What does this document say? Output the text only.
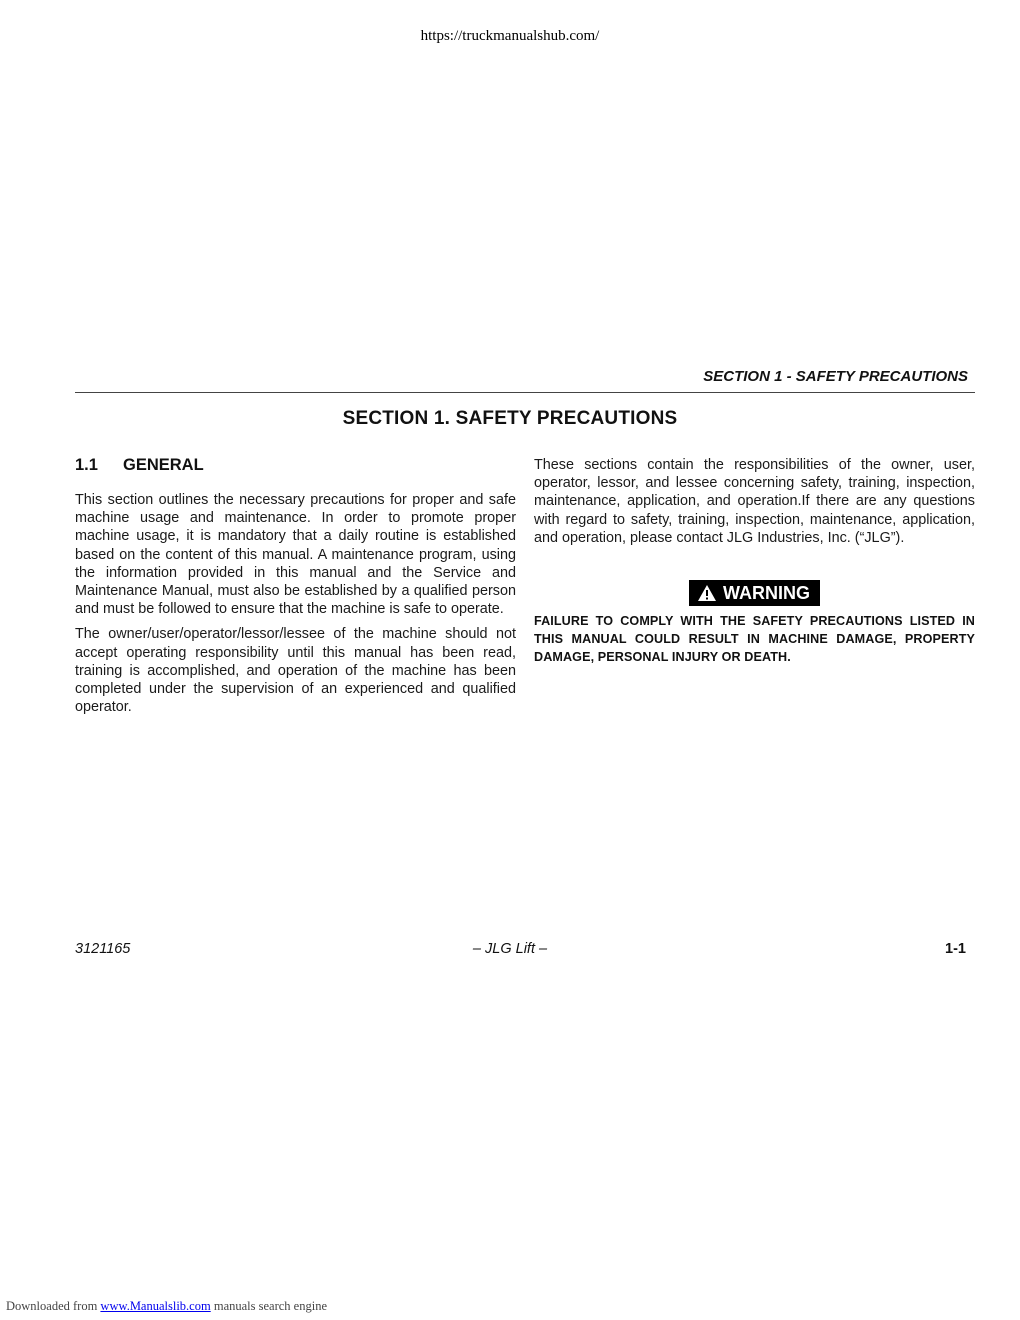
https://truckmanualshub.com/
SECTION 1 - SAFETY PRECAUTIONS
SECTION 1. SAFETY PRECAUTIONS
1.1 GENERAL

This section outlines the necessary precautions for proper and safe machine usage and maintenance. In order to promote proper machine usage, it is mandatory that a daily routine is established based on the content of this manual. A maintenance program, using the information provided in this manual and the Service and Maintenance Manual, must also be established by a qualified person and must be followed to ensure that the machine is safe to operate.

The owner/user/operator/lessor/lessee of the machine should not accept operating responsibility until this manual has been read, training is accomplished, and operation of the machine has been completed under the supervision of an experienced and qualified operator.

These sections contain the responsibilities of the owner, user, operator, lessor, and lessee concerning safety, training, inspection, maintenance, application, and operation.If there are any questions with regard to safety, training, inspection, maintenance, application, and operation, please contact JLG Industries, Inc. (“JLG”).

WARNING
FAILURE TO COMPLY WITH THE SAFETY PRECAUTIONS LISTED IN THIS MANUAL COULD RESULT IN MACHINE DAMAGE, PROPERTY DAMAGE, PERSONAL INJURY OR DEATH.
3121165	– JLG Lift –	1-1
Downloaded from www.Manualslib.com manuals search engine
